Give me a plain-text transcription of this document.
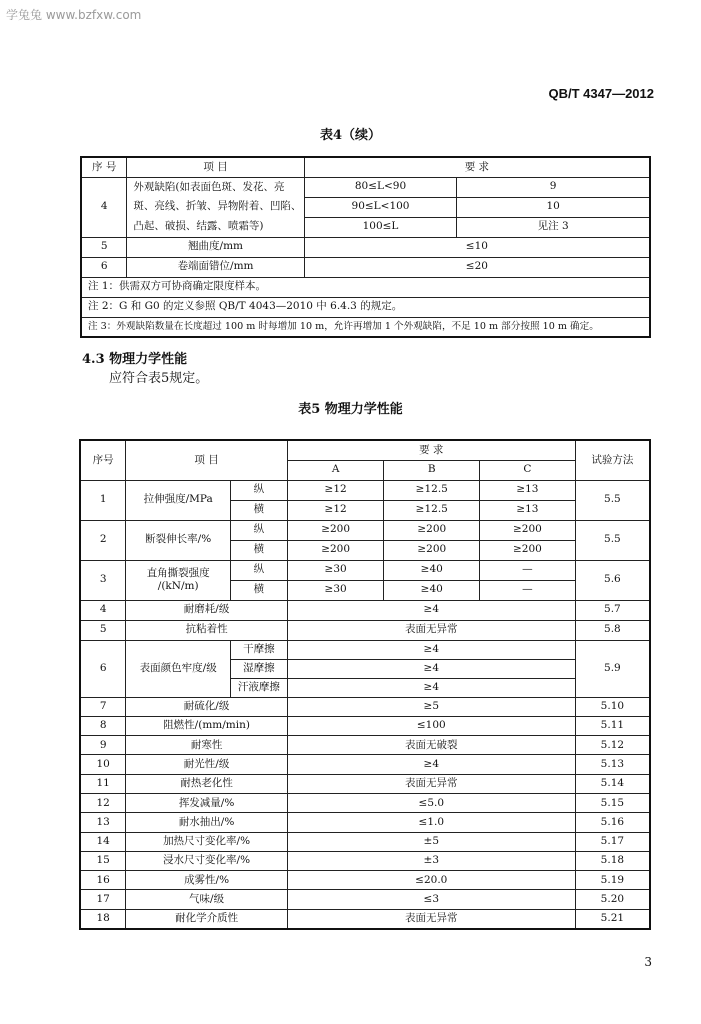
学兔兔 www.bzfxw.com
QB/T 4347—2012
表4（续）
序 号	项 目	要 求	
4	外观缺陷(如表面色斑、发花、亮斑、亮线、折皱、异物附着、凹陷、凸起、破损、结露、喷霜等)	80≤L<90	9
		90≤L<100	10
		100≤L	见注 3
5	翘曲度/mm	≤10	
6	卷端面错位/mm	≤20	
注 1：供需双方可协商确定限度样本。			
注 2：G 和 G0 的定义参照 QB/T 4043—2010 中 6.4.3 的规定。			
注 3：外观缺陷数量在长度超过 100 m 时每增加 10 m，允许再增加 1 个外观缺陷，不足 10 m 部分按照 10 m 确定。			
4.3 物理力学性能
应符合表5规定。
表5 物理力学性能
序号	项 目		要 求			试验方法
			A	B	C	
1	拉伸强度/MPa	纵	≥12	≥12.5	≥13	5.5
		横	≥12	≥12.5	≥13	
2	断裂伸长率/%	纵	≥200	≥200	≥200	5.5
		横	≥200	≥200	≥200	
3	直角撕裂强度
/(kN/m)	纵	≥30	≥40	—	5.6
		横	≥30	≥40	—	
4	耐磨耗/级		≥4			5.7
5	抗粘着性		表面无异常			5.8
6	表面颜色牢度/级	干摩擦	≥4			5.9
		湿摩擦	≥4			
		汗液摩擦	≥4			
7	耐硫化/级		≥5			5.10
8	阻燃性/(mm/min)		≤100			5.11
9	耐寒性		表面无破裂			5.12
10	耐光性/级		≥4			5.13
11	耐热老化性		表面无异常			5.14
12	挥发减量/%		≤5.0			5.15
13	耐水抽出/%		≤1.0			5.16
14	加热尺寸变化率/%		±5			5.17
15	浸水尺寸变化率/%		±3			5.18
16	成雾性/%		≤20.0			5.19
17	气味/级		≤3			5.20
18	耐化学介质性		表面无异常			5.21
3
